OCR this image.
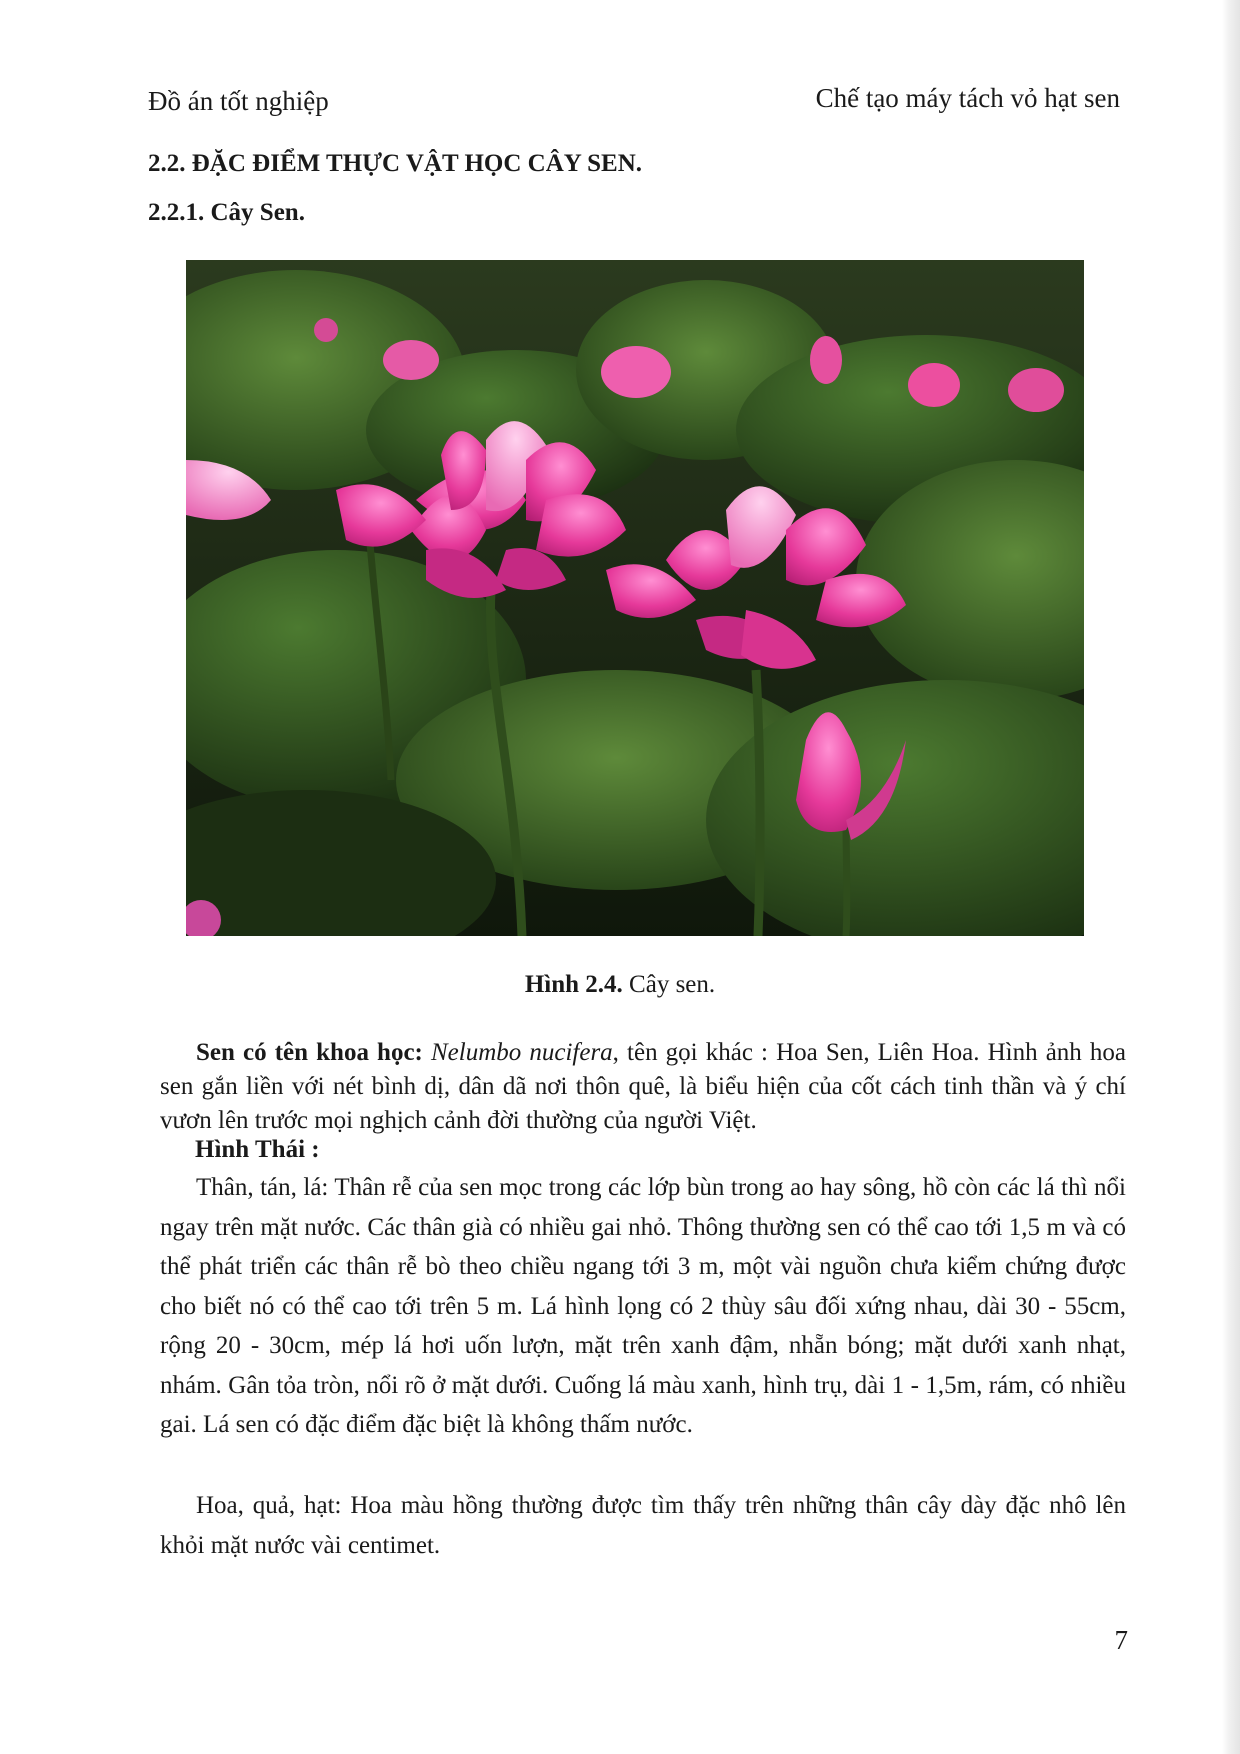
Đồ án tốt nghiệp	Chế tạo máy tách vỏ hạt sen
2.2. ĐẶC ĐIỂM THỰC VẬT HỌC CÂY SEN.
2.2.1. Cây Sen.
Hình 2.4. Cây sen.
Sen có tên khoa học: Nelumbo nucifera, tên gọi khác : Hoa Sen, Liên Hoa. Hình ảnh hoa sen gắn liền với nét bình dị, dân dã nơi thôn quê, là biểu hiện của cốt cách tinh thần và ý chí vươn lên trước mọi nghịch cảnh đời thường của người Việt.
Hình Thái :
Thân, tán, lá: Thân rễ của sen mọc trong các lớp bùn trong ao hay sông, hồ còn các lá thì nổi ngay trên mặt nước. Các thân già có nhiều gai nhỏ. Thông thường sen có thể cao tới 1,5 m và có thể phát triển các thân rễ bò theo chiều ngang tới 3 m, một vài nguồn chưa kiểm chứng được cho biết nó có thể cao tới trên 5 m. Lá hình lọng có 2 thùy sâu đối xứng nhau, dài 30 - 55cm, rộng 20 - 30cm, mép lá hơi uốn lượn, mặt trên xanh đậm, nhẵn bóng; mặt dưới xanh nhạt, nhám. Gân tỏa tròn, nổi rõ ở mặt dưới. Cuống lá màu xanh, hình trụ, dài 1 - 1,5m, rám, có nhiều gai. Lá sen có đặc điểm đặc biệt là không thấm nước.
Hoa, quả, hạt: Hoa màu hồng thường được tìm thấy trên những thân cây dày đặc nhô lên khỏi mặt nước vài centimet.
7
